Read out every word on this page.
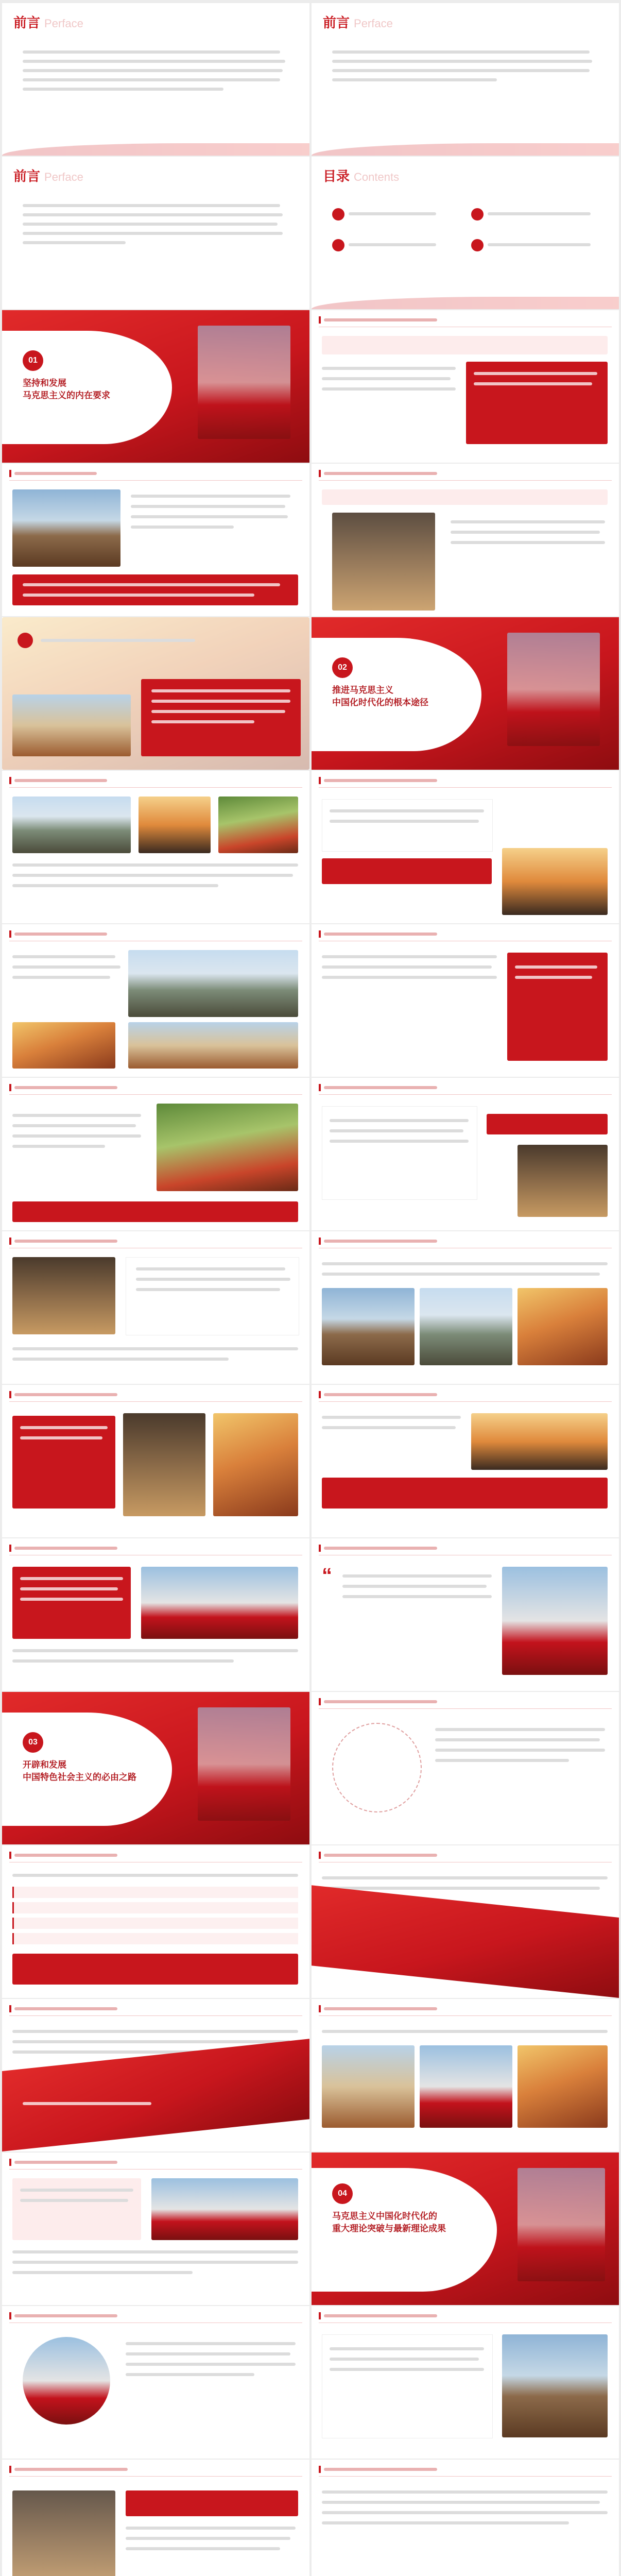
前言 Perface
前言 Perface
01
坚持和发展
马克思主义的内在要求
03
开辟和发展
中国特色社会主义的必由之路
前言 Perface
目录 Contents
02
推进马克思主义
中国化时代化的根本途径
“
04
马克思主义中国化时代化的
重大理论突破与最新理论成果
